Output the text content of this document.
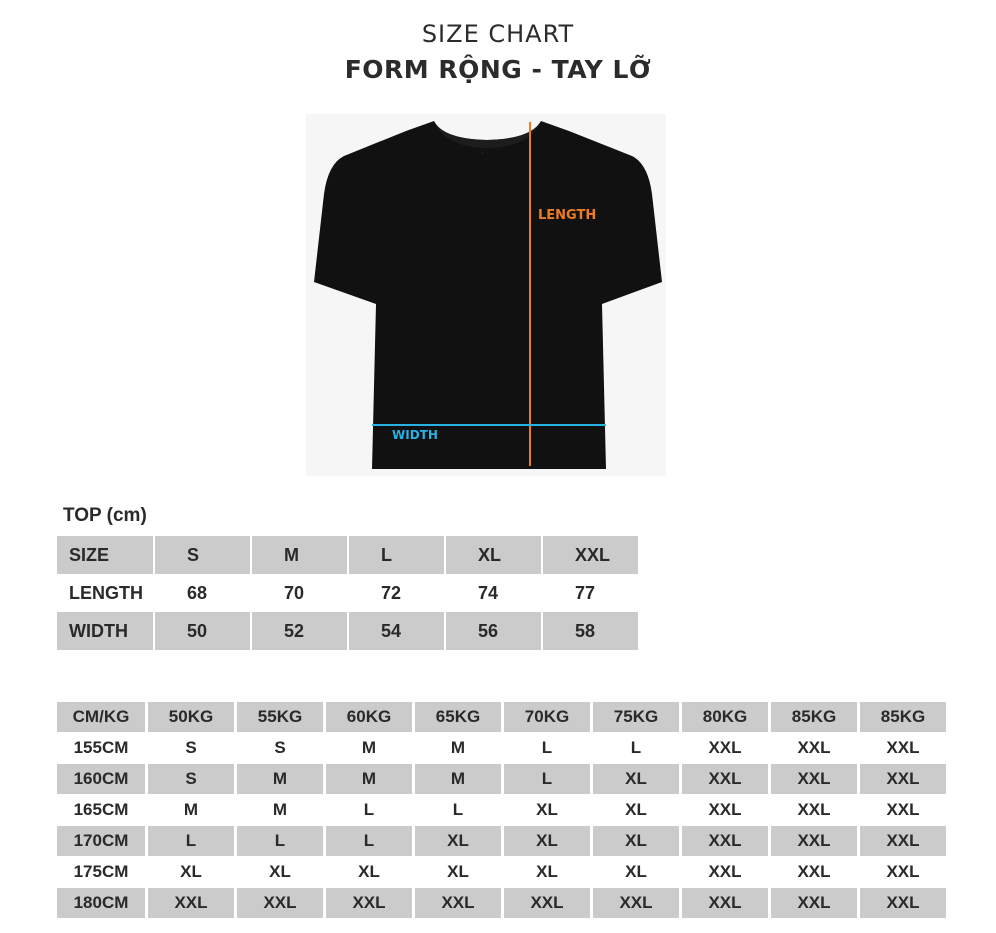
SIZE CHART
FORM RỘNG - TAY LỠ
·
LENGTH
WIDTH
TOP (cm)
SIZE	S	M	L	XL	XXL
LENGTH	68	70	72	74	77
WIDTH	50	52	54	56	58
CM/KG	50KG	55KG	60KG	65KG	70KG	75KG	80KG	85KG	85KG
155CM	S	S	M	M	L	L	XXL	XXL	XXL
160CM	S	M	M	M	L	XL	XXL	XXL	XXL
165CM	M	M	L	L	XL	XL	XXL	XXL	XXL
170CM	L	L	L	XL	XL	XL	XXL	XXL	XXL
175CM	XL	XL	XL	XL	XL	XL	XXL	XXL	XXL
180CM	XXL	XXL	XXL	XXL	XXL	XXL	XXL	XXL	XXL
